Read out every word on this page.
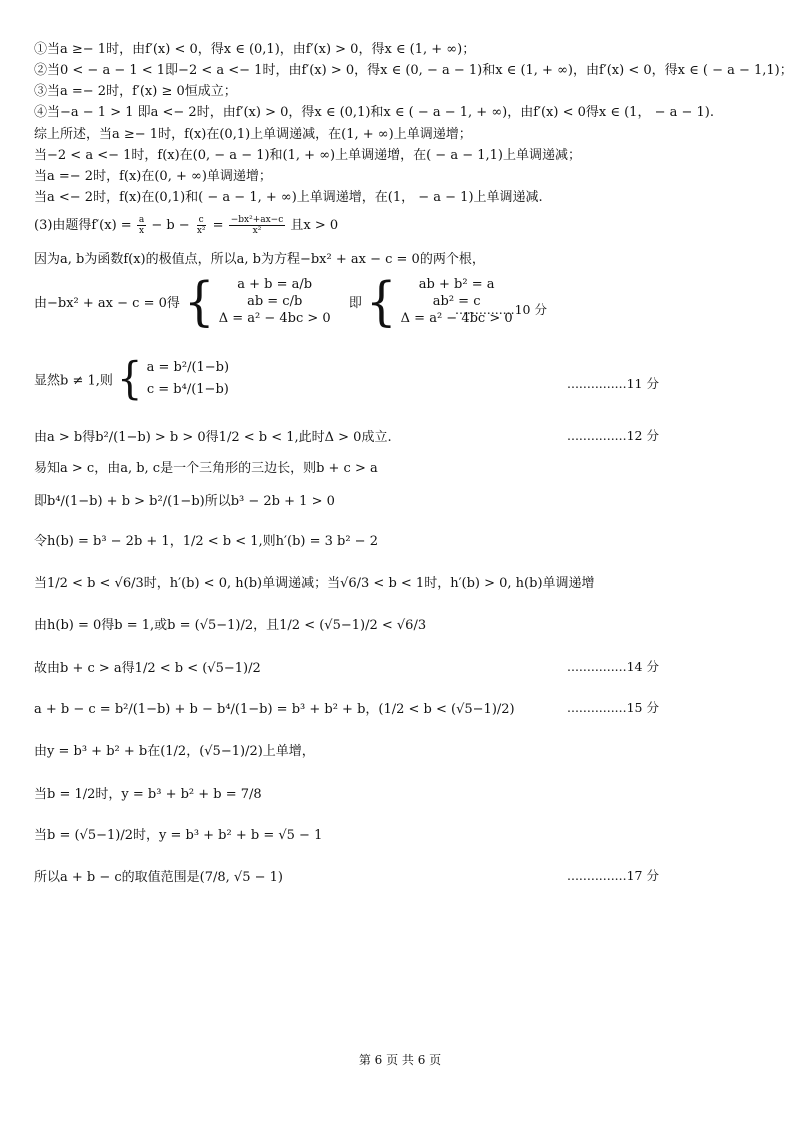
①当a ≥− 1时，由f′(x) < 0，得x ∈ (0,1)，由f′(x) > 0，得x ∈ (1, + ∞)；
②当0 < − a − 1 < 1即−2 < a <− 1时，由f′(x) > 0，得x ∈ (0, − a − 1)和x ∈ (1, + ∞)，由f′(x) < 0，得x ∈ ( − a − 1,1)；
③当a =− 2时，f′(x) ≥ 0恒成立；
④当−a − 1 > 1 即a <− 2时，由f′(x) > 0，得x ∈ (0,1)和x ∈ ( − a − 1, + ∞)，由f′(x) < 0得x ∈ (1， − a − 1).
综上所述，当a ≥− 1时，f(x)在(0,1)上单调递减，在(1, + ∞)上单调递增；
当−2 < a <− 1时，f(x)在(0, − a − 1)和(1, + ∞)上单调递增，在( − a − 1,1)上单调递减；
当a =− 2时，f(x)在(0, + ∞)单调递增；
当a <− 2时，f(x)在(0,1)和( − a − 1, + ∞)上单调递增，在(1， − a − 1)上单调递减.
(3)由题得$f'(x) = \frac{a}{x} - b - \frac{c}{\text{x²}} = \frac{\text{−bx²+ax−c}}{\text{x²}}$ 且x > 0
因为a, b为函数f(x)的极值点，所以a, b为方程−bx² + ax − c = 0的两个根，
由−bx² + ax − c = 0得 {	a + b = a/b
ab = c/b
Δ = a² − 4bc > 0
即 {	ab + b² = a
ab² = c
Δ = a² − 4bc > 0
...............10 分
显然b ≠ 1,则 { a = b²/(1−b)
c = b⁴/(1−b)	...............11 分
由a > b得b²/(1−b) > b > 0得1/2 < b < 1,此时Δ > 0成立.	...............12 分
易知a > c，由a, b, c是一个三角形的三边长，则b + c > a
即b⁴/(1−b) + b > b²/(1−b)所以b³ − 2b + 1 > 0
令h(b) = b³ − 2b + 1，1/2 < b < 1,则h′(b) = 3 b² − 2
当1/2 < b < √6/3时，h′(b) < 0, h(b)单调递减；当√6/3 < b < 1时，h′(b) > 0, h(b)单调递增
由h(b) = 0得b = 1,或b = (√5−1)/2，且1/2 < (√5−1)/2 < √6/3
故由b + c > a得1/2 < b < (√5−1)/2	...............14 分
a + b − c = b²/(1−b) + b − b⁴/(1−b) = b³ + b² + b，(1/2 < b < (√5−1)/2)	...............15 分
由y = b³ + b² + b在(1/2，(√5−1)/2)上单增，
当b = 1/2时，y = b³ + b² + b = 7/8
当b = (√5−1)/2时，y = b³ + b² + b = √5 − 1
所以a + b − c的取值范围是(7/8, √5 − 1)	...............17 分
第 6 页 共 6 页
